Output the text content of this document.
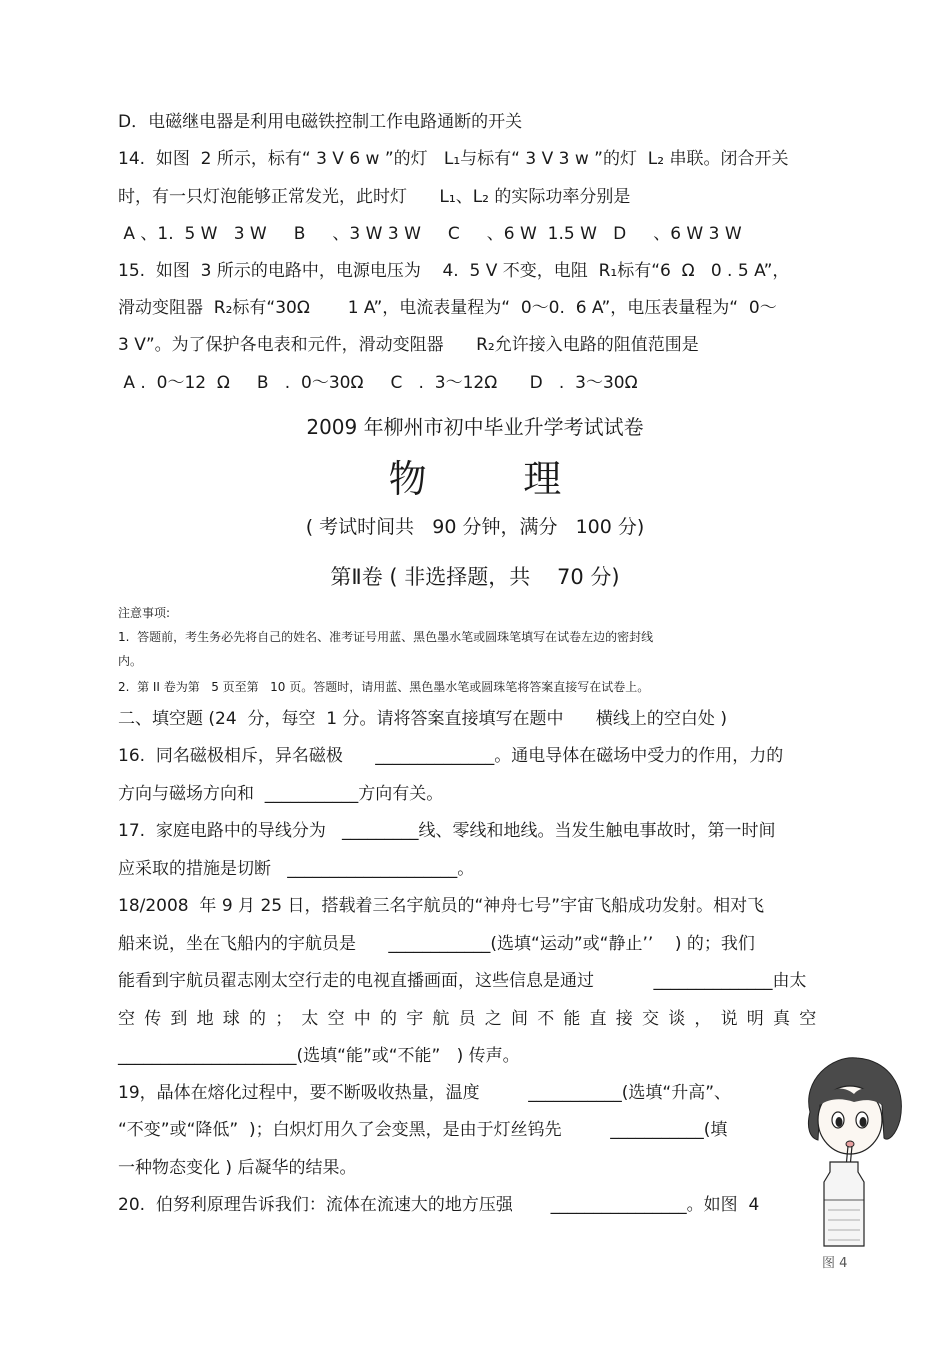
D．电磁继电器是利用电磁铁控制工作电路通断的开关
14.  如图  2 所示，标有“ 3 V 6 w ”的灯   L₁与标有“ 3 V 3 w ”的灯  L₂ 串联。闭合开关
时，有一只灯泡能够正常发光，此时灯      L₁、L₂ 的实际功率分别是
A 、1.  5 W   3 W     B     、3 W 3 W     C     、6 W  1.5 W   D     、6 W 3 W
15.  如图  3 所示的电路中，电源电压为    4.  5 V 不变，电阻  R₁标有“6  Ω   0 . 5 A”，
滑动变阻器  R₂标有“30Ω       1 A”，电流表量程为“  0～0.  6 A”，电压表量程为“  0～
3 V”。为了保护各电表和元件，滑动变阻器      R₂允许接入电路的阻值范围是
A .  0～12  Ω     B   .  0～30Ω     C   .  3～12Ω      D   .  3～30Ω
2009 年柳州市初中毕业升学考试试卷
物        理
( 考试时间共   90 分钟，满分   100 分)
第Ⅱ卷 ( 非选择题，共    70 分)
注意事项:
1.  答题前，考生务必先将自己的姓名、准考证号用蓝、黑色墨水笔或圆珠笔填写在试卷左边的密封线
内。
2.  第 II 卷为第   5 页至第   10 页。答题时，请用蓝、黑色墨水笔或圆珠笔将答案直接写在试卷上。
二、填空题 (24  分，每空  1 分。请将答案直接填写在题中      横线上的空白处 )
16.  同名磁极相斥，异名磁极      ______________。通电导体在磁场中受力的作用，力的
方向与磁场方向和  ___________方向有关。
17.  家庭电路中的导线分为   _________线、零线和地线。当发生触电事故时，第一时间
应采取的措施是切断   ____________________。
18/2008  年 9 月 25 日，搭载着三名宇航员的“神舟七号”宇宙飞船成功发射。相对飞
船来说，坐在飞船内的宇航员是      ____________(选填“运动”或“静止’’    ) 的；我们
能看到宇航员翟志刚太空行走的电视直播画面，这些信息是通过           ______________由太
空传到地球的；太空中的宇航员之间不能直接交谈，说明真空
_____________________(选填“能”或“不能”   ) 传声。
19，晶体在熔化过程中，要不断吸收热量，温度         ___________(选填“升高”、
“不变”或“降低”  )；白炽灯用久了会变黑，是由于灯丝钨先         ___________(填
一种物态变化 ) 后凝华的结果。
20.  伯努利原理告诉我们：流体在流速大的地方压强       ________________。如图  4
图 4
